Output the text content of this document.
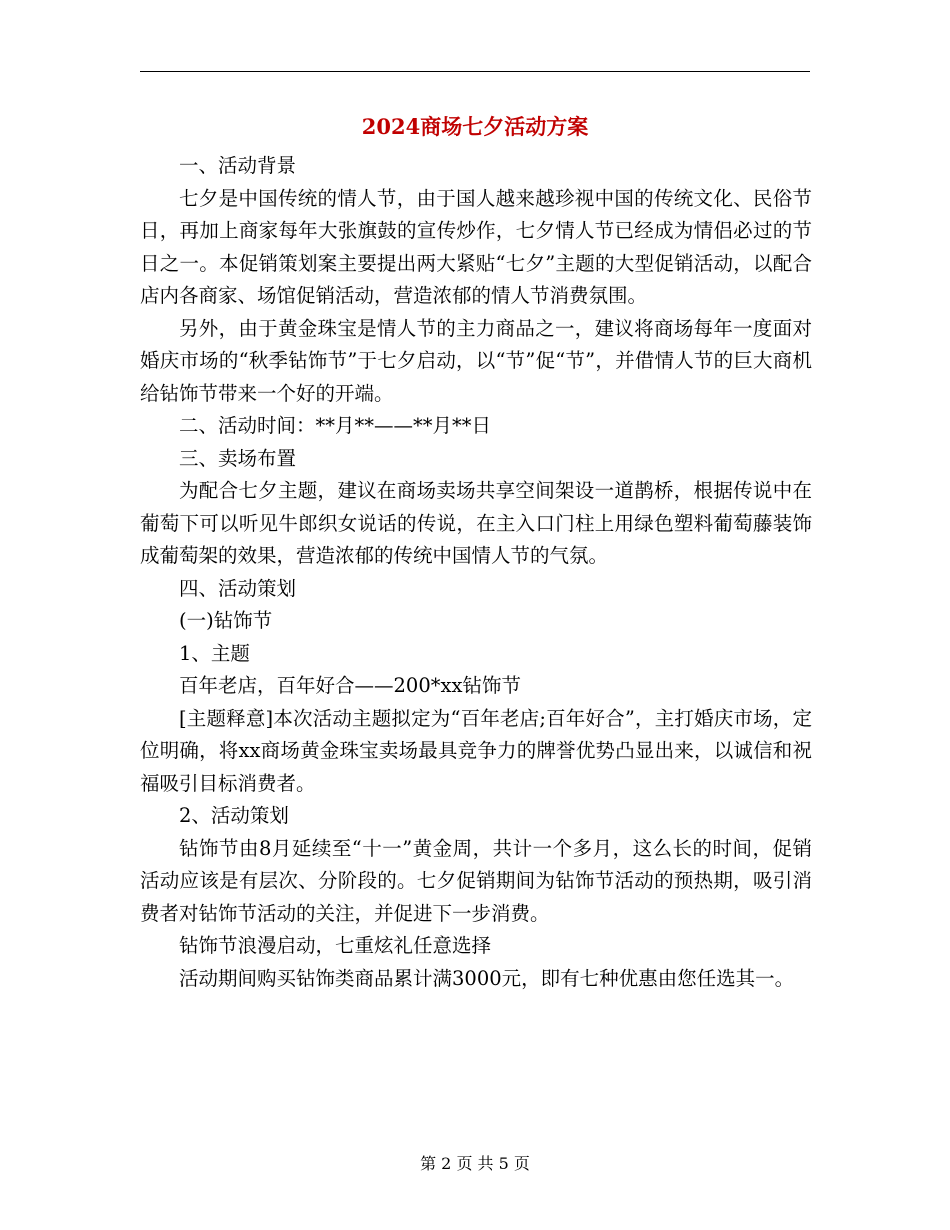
2024商场七夕活动方案

一、活动背景

七夕是中国传统的情人节，由于国人越来越珍视中国的传统文化、民俗节日，再加上商家每年大张旗鼓的宣传炒作，七夕情人节已经成为情侣必过的节日之一。本促销策划案主要提出两大紧贴“七夕”主题的大型促销活动，以配合店内各商家、场馆促销活动，营造浓郁的情人节消费氛围。

另外，由于黄金珠宝是情人节的主力商品之一，建议将商场每年一度面对婚庆市场的“秋季钻饰节”于七夕启动，以“节”促“节”，并借情人节的巨大商机给钻饰节带来一个好的开端。

二、活动时间：**月**——**月**日

三、卖场布置

为配合七夕主题，建议在商场卖场共享空间架设一道鹊桥，根据传说中在葡萄下可以听见牛郎织女说话的传说，在主入口门柱上用绿色塑料葡萄藤装饰成葡萄架的效果，营造浓郁的传统中国情人节的气氛。

四、活动策划

(一)钻饰节

1、主题

百年老店，百年好合——200*xx钻饰节

[主题释意]本次活动主题拟定为“百年老店;百年好合”，主打婚庆市场，定位明确，将xx商场黄金珠宝卖场最具竞争力的牌誉优势凸显出来，以诚信和祝福吸引目标消费者。

2、活动策划

钻饰节由8月延续至“十一”黄金周，共计一个多月，这么长的时间，促销活动应该是有层次、分阶段的。七夕促销期间为钻饰节活动的预热期，吸引消费者对钻饰节活动的关注，并促进下一步消费。

钻饰节浪漫启动，七重炫礼任意选择

活动期间购买钻饰类商品累计满3000元，即有七种优惠由您任选其一。

第 2 页 共 5 页
